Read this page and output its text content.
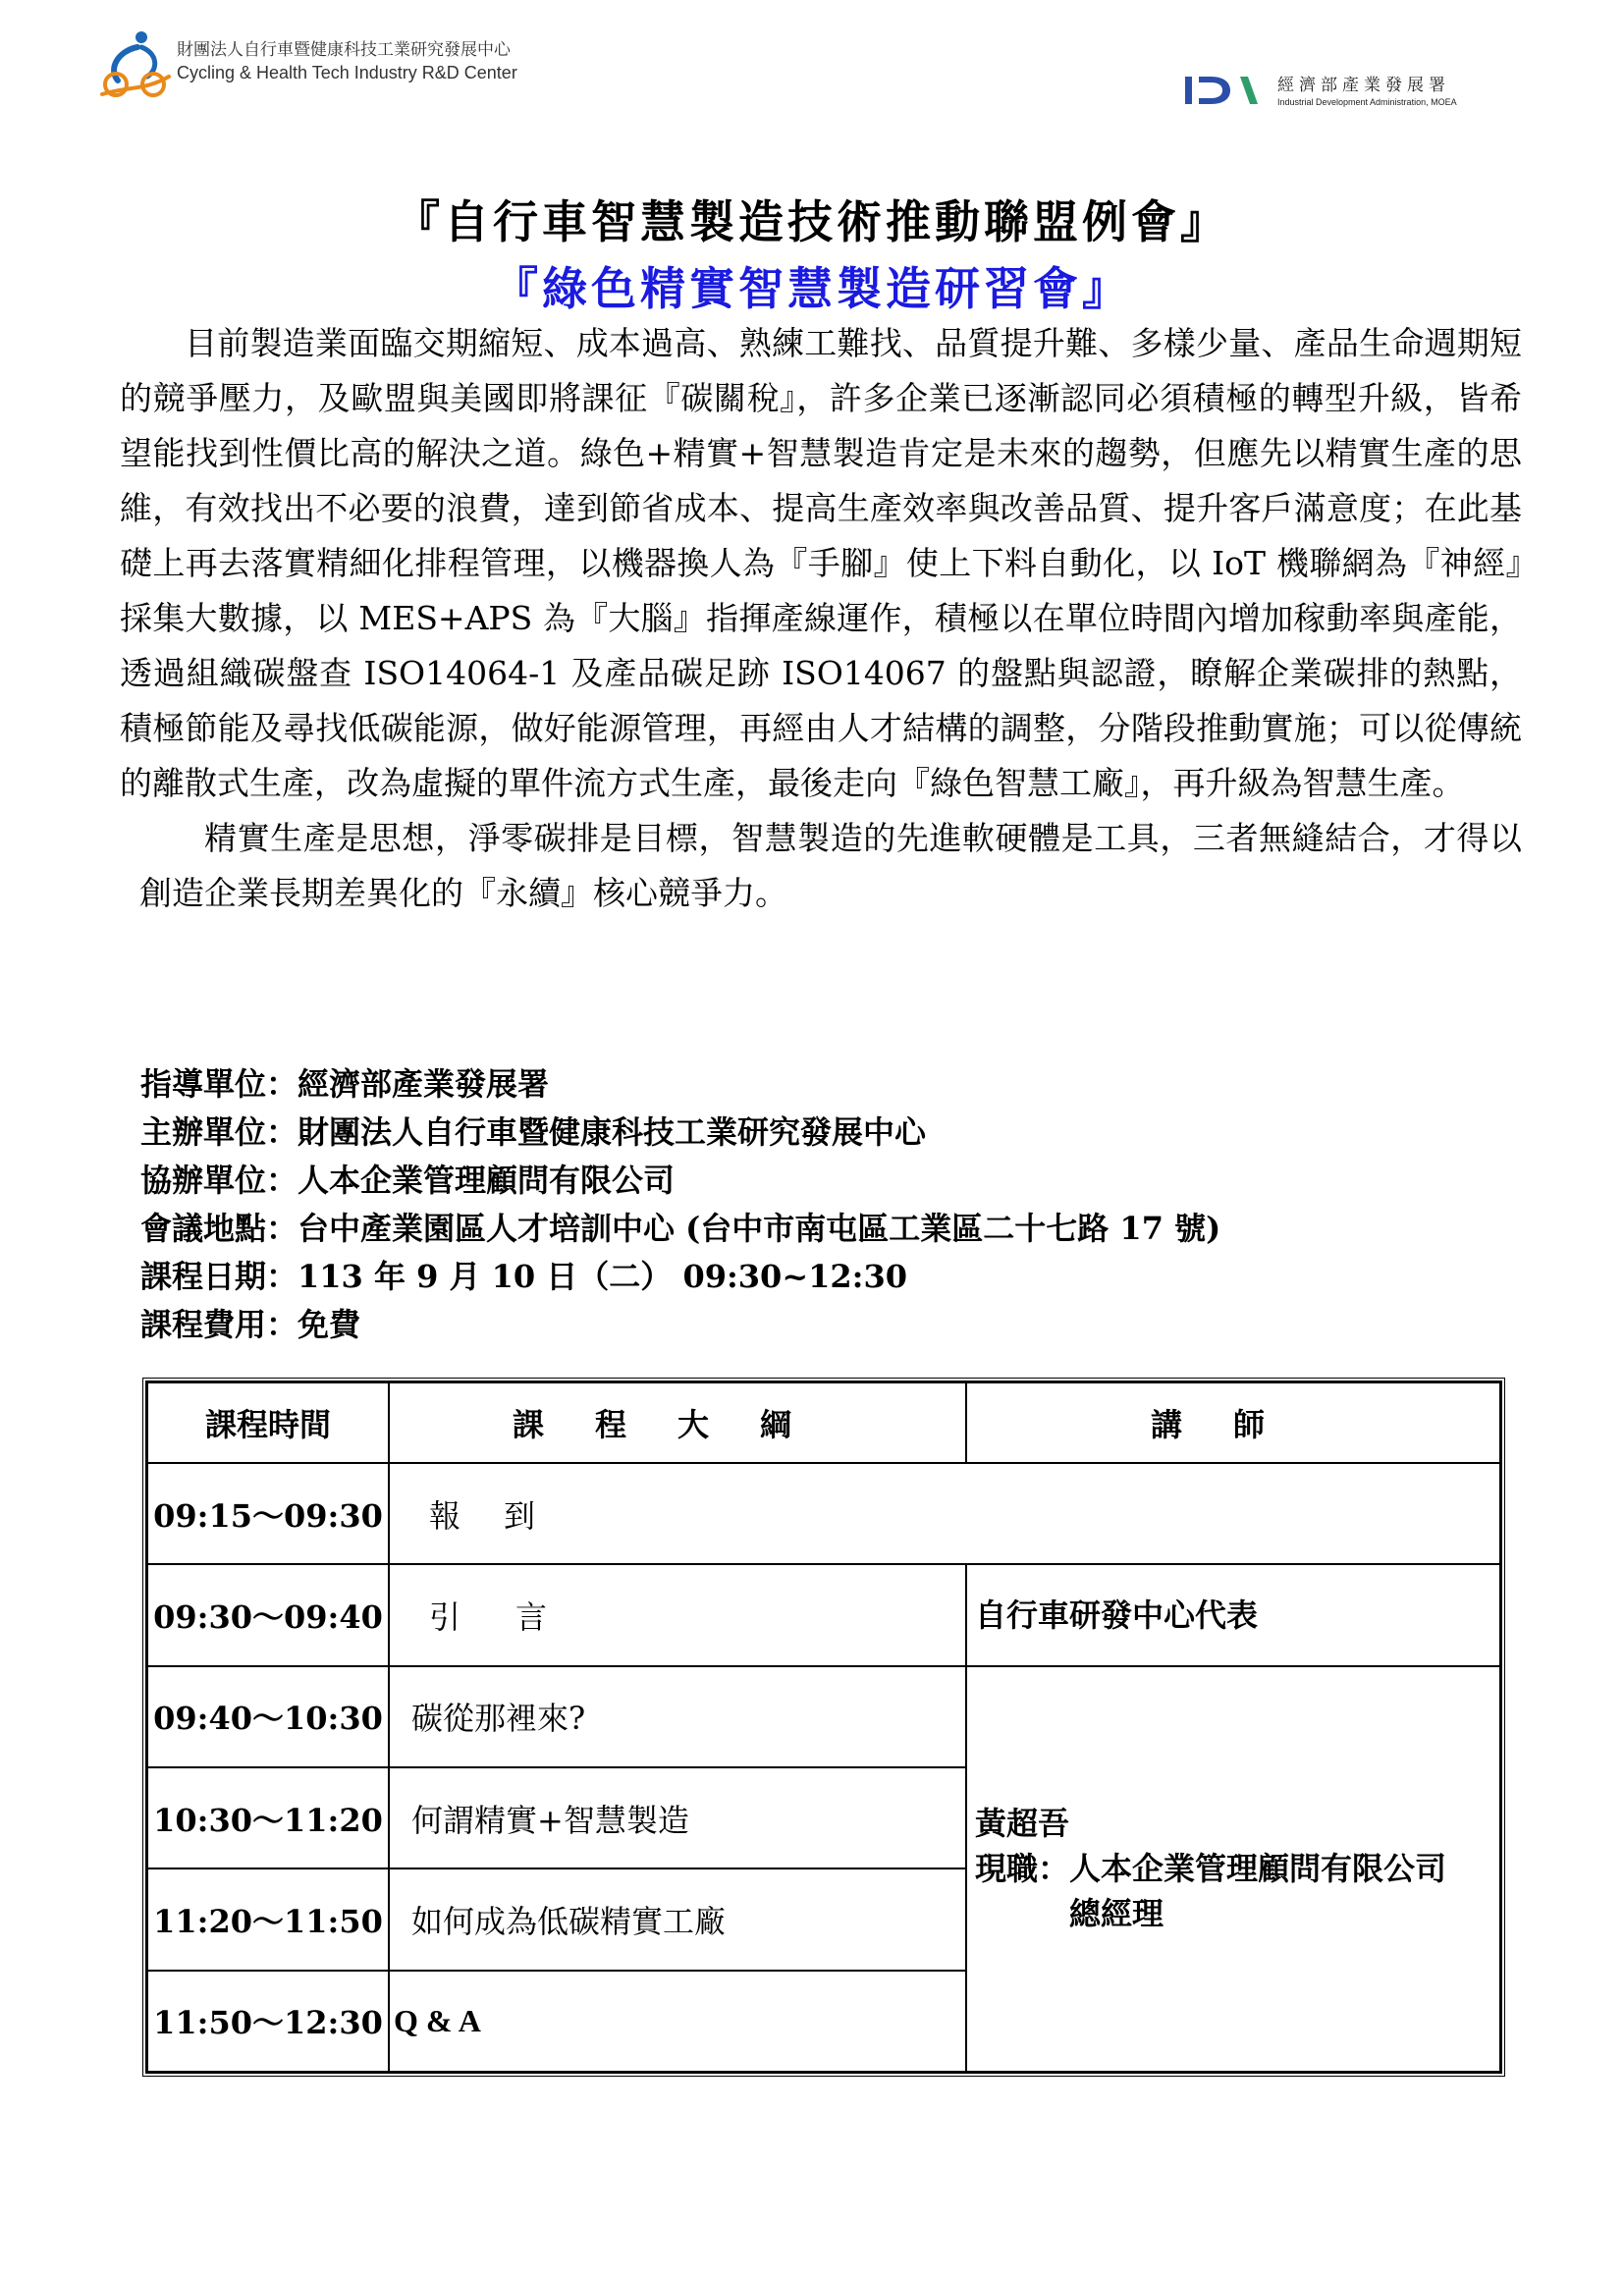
財團法人自行車暨健康科技工業研究發展中心
Cycling & Health Tech Industry R&D Center
經濟部產業發展署
Industrial Development Administration, MOEA
『自行車智慧製造技術推動聯盟例會』
『綠色精實智慧製造研習會』

目前製造業面臨交期縮短、成本過高、熟練工難找、品質提升難、多樣少量、產品生命週期短的競爭壓力，及歐盟與美國即將課征『碳關稅』，許多企業已逐漸認同必須積極的轉型升級，皆希望能找到性價比高的解決之道。綠色+精實+智慧製造肯定是未來的趨勢，但應先以精實生產的思維，有效找出不必要的浪費，達到節省成本、提高生產效率與改善品質、提升客戶滿意度；在此基礎上再去落實精細化排程管理，以機器換人為『手腳』使上下料自動化，以 IoT 機聯網為『神經』採集大數據，以 MES+APS 為『大腦』指揮產線運作，積極以在單位時間內增加稼動率與產能，透過組織碳盤查 ISO14064-1 及產品碳足跡 ISO14067 的盤點與認證，瞭解企業碳排的熱點，積極節能及尋找低碳能源，做好能源管理，再經由人才結構的調整，分階段推動實施；可以從傳統的離散式生產，改為虛擬的單件流方式生產，最後走向『綠色智慧工廠』，再升級為智慧生產。

精實生產是思想，淨零碳排是目標，智慧製造的先進軟硬體是工具，三者無縫結合，才得以創造企業長期差異化的『永續』核心競爭力。

指導單位：經濟部產業發展署
主辦單位：財團法人自行車暨健康科技工業研究發展中心
協辦單位：人本企業管理顧問有限公司
會議地點：台中產業園區人才培訓中心 (台中市南屯區工業區二十七路 17 號)
課程日期：113 年 9 月 10 日（二） 09:30~12:30
課程費用：免費
課程時間	課程大綱	講師
09:15～09:30	報到	
09:30～09:40	引言	自行車研發中心代表
09:40～10:30	碳從那裡來?	黃超吾
現職：人本企業管理顧問有限公司
總經理

10:30～11:20	何謂精實+智慧製造	
11:20～11:50	如何成為低碳精實工廠	
11:50～12:30	Q & A	
